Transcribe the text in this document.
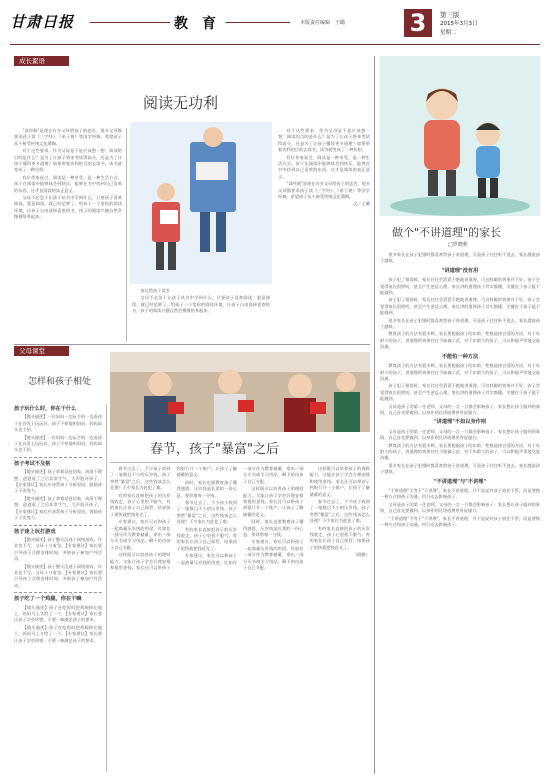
甘肃日报	教　育	本版责任编辑　王璐	3	第三版
2015年3月3日
星期二
成长絮语
阅读无功利

"读经典"是现在许多父母给孩子的忠告，很多父母都要求孩子读《三字经》、《弟子规》等国学经典，希望孩子从小接受传统文化熏陶。

对于这些要求，作为父母是不是应该想一想：阅读的目的是什么？是为了让孩子将来考试得高分，还是为了让孩子懂得更多道理？如果带着功利的目的去读书，读书就变成了一种负担。

有位作家说过，阅读是一种享受，是一种生活方式。孩子在阅读中能够体会到快乐，能够在书中找到自己喜欢的东西，这才是阅读的真正意义。

父母不必急于让孩子从书中学到什么，只要孩子喜欢阅读，愿意阅读，就已经足够了。给孩子一个宽松的阅读环境，让孩子自由选择喜欢的书，孩子的阅读兴趣自然会慢慢培养起来。

家长给孩子读书

父母不必急于让孩子从书中学到什么，只要孩子喜欢阅读，愿意阅读，就已经足够了。给孩子一个宽松的阅读环境，让孩子自由选择喜欢的书，孩子的阅读兴趣自然会慢慢培养起来。

对于这些要求，作为父母是不是应该想一想：阅读的目的是什么？是为了让孩子将来考试得高分，还是为了让孩子懂得更多道理？如果带着功利的目的去读书，读书就变成了一种负担。

有位作家说过，阅读是一种享受，是一种生活方式。孩子在阅读中能够体会到快乐，能够在书中找到自己喜欢的东西，这才是阅读的真正意义。

"读经典"是现在许多父母给孩子的忠告，很多父母都要求孩子读《三字经》、《弟子规》等国学经典，希望孩子从小接受传统文化熏陶。

文／王璐

做个"不讲道理"的家长
□罗晓莉

很多家长在孩子犯错时都喜欢给孩子讲道理，可是孩子往往听不进去，家长越说孩子越烦。

"讲道理"没有用

孩子犯了错误时，家长往往会滔滔不绝地讲道理，可这样做的效果并不好。孩子会觉得家长很唠叨，甚至产生逆反心理。家长讲的道理孩子其实都懂，关键在于孩子能不能做到。

孩子犯了错误时，家长往往会滔滔不绝地讲道理，可这样做的效果并不好。孩子会觉得家长很唠叨，甚至产生逆反心理。家长讲的道理孩子其实都懂，关键在于孩子能不能做到。

很多家长在孩子犯错时都喜欢给孩子讲道理，可是孩子往往听不进去，家长越说孩子越烦。

教育孩子的方法有很多种，家长要根据孩子的年龄、性格选择合适的方法。对于年龄小的孩子，讲道理的效果往往不如做示范；对于年龄大的孩子，可以和他平等地交流沟通。

不能怕一种方法

教育孩子的方法有很多种，家长要根据孩子的年龄、性格选择合适的方法。对于年龄小的孩子，讲道理的效果往往不如做示范；对于年龄大的孩子，可以和他平等地交流沟通。

孩子犯了错误时，家长往往会滔滔不绝地讲道理，可这样做的效果并不好。孩子会觉得家长很唠叨，甚至产生逆反心理。家长讲的道理孩子其实都懂，关键在于孩子能不能做到。

父母是孩子的第一任老师，父母的一言一行都会影响孩子。家长想让孩子做到的事情，自己首先要做到。以身作则比讲道理更有说服力。

"讲道理"不如以身作则

父母是孩子的第一任老师，父母的一言一行都会影响孩子。家长想让孩子做到的事情，自己首先要做到。以身作则比讲道理更有说服力。

教育孩子的方法有很多种，家长要根据孩子的年龄、性格选择合适的方法。对于年龄小的孩子，讲道理的效果往往不如做示范；对于年龄大的孩子，可以和他平等地交流沟通。

很多家长在孩子犯错时都喜欢给孩子讲道理，可是孩子往往听不进去，家长越说孩子越烦。

"不讲道理"与"不讲理"

"不讲道理"不等于"不讲理"。家长不讲道理，并不是说对孩子放任不管，而是要换一种方式和孩子沟通，用行动去影响孩子。

父母是孩子的第一任老师，父母的一言一行都会影响孩子。家长想让孩子做到的事情，自己首先要做到。以身作则比讲道理更有说服力。

"不讲道理"不等于"不讲理"。家长不讲道理，并不是说对孩子放任不管，而是要换一种方式和孩子沟通，用行动去影响孩子。

父母课堂
怎样和孩子相处
孩子玩什么时，你在干什么

【镜头描述】一位妈妈一边玩手机一边看孩子在沙发上玩玩具，孩子不停地叫妈妈，妈妈却头也不抬。

【镜头描述】一位妈妈一边玩手机一边看孩子在沙发上玩玩具，孩子不停地叫妈妈，妈妈却头也不抬。

孩子考试不及格

【镜头描述】孩子拿着试卷回家，成绩不理想，爸爸看了之后非常生气，大声批评孩子。【专家建议】家长应该帮孩子分析原因，鼓励孩子下次努力。

【镜头描述】孩子拿着试卷回家，成绩不理想，爸爸看了之后非常生气，大声批评孩子。【专家建议】家长应该帮孩子分析原因，鼓励孩子下次努力。

孩子迷上玩打游戏

【镜头描述】孩子整天沉迷于网络游戏，作业也不写，父母十分着急。【专家建议】家长要引导孩子合理安排时间，多陪孩子参加户外活动。

【镜头描述】孩子整天沉迷于网络游戏，作业也不写，父母十分着急。【专家建议】家长要引导孩子合理安排时间，多陪孩子参加户外活动。

孩子吃了一个鸡腿，你在干嘛

【镜头描述】孩子在吃饭时把鸡腿掉在地上，妈妈马上又给了一个。【专家建议】家长要让孩子学会珍惜，不要一味满足孩子的要求。

【镜头描述】孩子在吃饭时把鸡腿掉在地上，妈妈马上又给了一个。【专家建议】家长要让孩子学会珍惜，不要一味满足孩子的要求。

春节，孩子"暴富"之后

春节过去了，不少孩子收到了一笔数目不小的压岁钱。孩子突然"暴富"之后，这些钱该怎么处理？不少家长为此犯了难。

有的家长直接把孩子的压岁钱收走，孩子心里很不服气；有的家长让孩子自己保管，结果孩子很快就把钱花光了。

专家建议，家长可以和孩子一起商量压岁钱的用途，比如存一部分作为教育储蓄，拿出一部分买书或学习用品，剩下的由孩子自己支配。

这样既可以培养孩子的理财能力，又能让孩子学会合理安排和使用金钱。家长还可以带孩子到银行开一个账户，让孩子了解储蓄的意义。

同时，家长也要教育孩子懂得感恩，压岁钱是长辈的一份心意，要珍惜每一分钱。

春节过去了，不少孩子收到了一笔数目不小的压岁钱。孩子突然"暴富"之后，这些钱该怎么处理？不少家长为此犯了难。

有的家长直接把孩子的压岁钱收走，孩子心里很不服气；有的家长让孩子自己保管，结果孩子很快就把钱花光了。

专家建议，家长可以和孩子一起商量压岁钱的用途，比如存一部分作为教育储蓄，拿出一部分买书或学习用品，剩下的由孩子自己支配。

这样既可以培养孩子的理财能力，又能让孩子学会合理安排和使用金钱。家长还可以带孩子到银行开一个账户，让孩子了解储蓄的意义。

同时，家长也要教育孩子懂得感恩，压岁钱是长辈的一份心意，要珍惜每一分钱。

专家建议，家长可以和孩子一起商量压岁钱的用途，比如存一部分作为教育储蓄，拿出一部分买书或学习用品，剩下的由孩子自己支配。

这样既可以培养孩子的理财能力，又能让孩子学会合理安排和使用金钱。家长还可以带孩子到银行开一个账户，让孩子了解储蓄的意义。

春节过去了，不少孩子收到了一笔数目不小的压岁钱。孩子突然"暴富"之后，这些钱该怎么处理？不少家长为此犯了难。

有的家长直接把孩子的压岁钱收走，孩子心里很不服气；有的家长让孩子自己保管，结果孩子很快就把钱花光了。

（晓雅）
